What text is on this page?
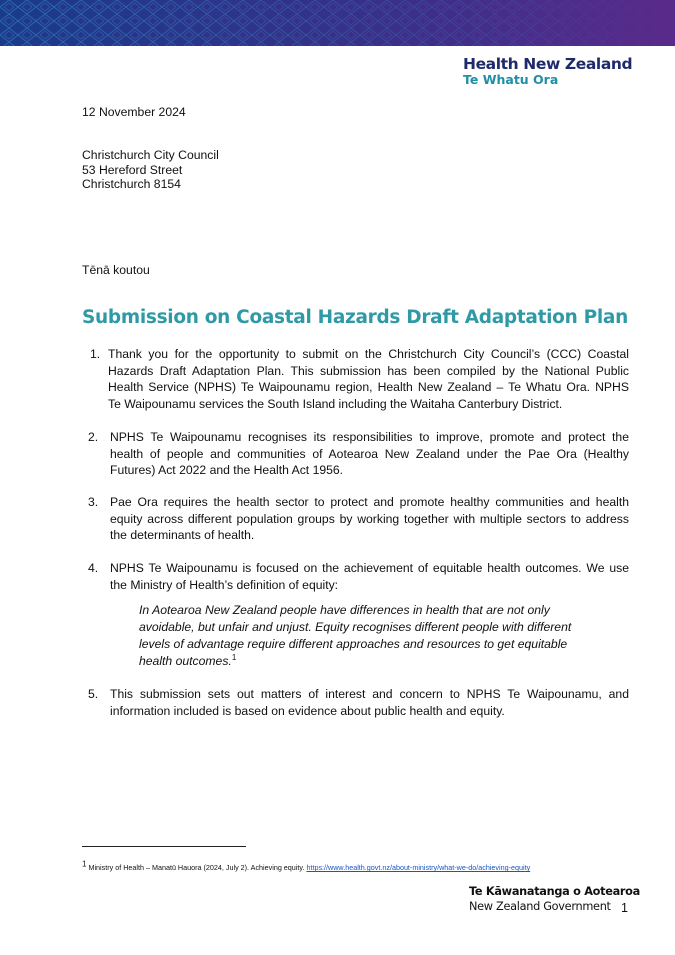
Health New Zealand
Te Whatu Ora
12 November 2024
Christchurch City Council
53 Hereford Street
Christchurch 8154
Tēnā koutou
Submission on Coastal Hazards Draft Adaptation Plan
1. Thank you for the opportunity to submit on the Christchurch City Council’s (CCC) Coastal
Hazards Draft Adaptation Plan. This submission has been compiled by the National Public
Health Service (NPHS) Te Waipounamu region, Health New Zealand – Te Whatu Ora. NPHS
Te Waipounamu services the South Island including the Waitaha Canterbury District.
2. NPHS Te Waipounamu recognises its responsibilities to improve, promote and protect the
health of people and communities of Aotearoa New Zealand under the Pae Ora (Healthy
Futures) Act 2022 and the Health Act 1956.
3. Pae Ora requires the health sector to protect and promote healthy communities and health
equity across different population groups by working together with multiple sectors to address
the determinants of health.
4. NPHS Te Waipounamu is focused on the achievement of equitable health outcomes. We use
the Ministry of Health’s definition of equity:
In Aotearoa New Zealand people have differences in health that are not only
avoidable, but unfair and unjust. Equity recognises different people with different
levels of advantage require different approaches and resources to get equitable
health outcomes.$^1$
5. This submission sets out matters of interest and concern to NPHS Te Waipounamu, and
information included is based on evidence about public health and equity.
$^1$ Ministry of Health – Manatū Hauora (2024, July 2). Achieving equity. https://www.health.govt.nz/about-ministry/what-we-do/achieving-equity
Te Kāwanatanga o Aotearoa
New Zealand Government 1
